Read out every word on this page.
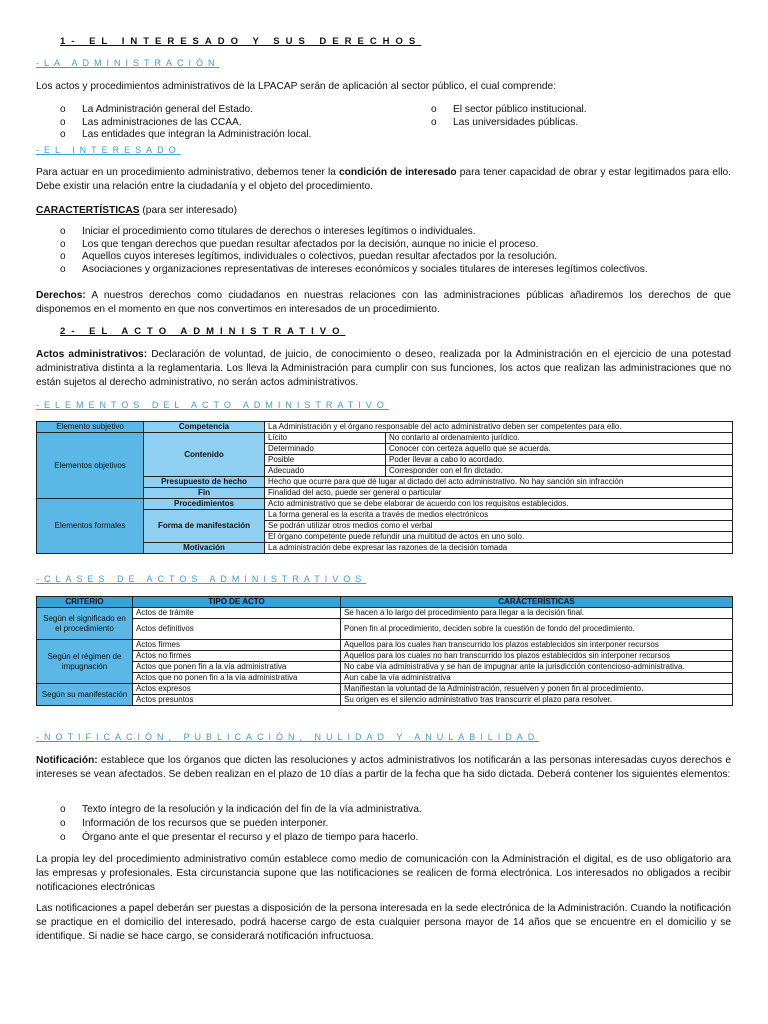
1- EL INTERESADO Y SUS DERECHOS
-LA ADMINISTRACIÓN

Los actos y procedimientos administrativos de la LPACAP serán de aplicación al sector público, el cual comprende:

o La Administración general del Estado.
o Las administraciones de las CCAA.
o Las entidades que integran la Administración local.
o El sector público institucional.
o Las universidades públicas.
-EL INTERESADO

Para actuar en un procedimiento administrativo, debemos tener la condición de interesado para tener capacidad de obrar y estar legitimados para ello. Debe existir una relación entre la ciudadanía y el objeto del procedimiento.

CARACTERTÍSTICAS (para ser interesado)

o Iniciar el procedimiento como titulares de derechos o intereses legítimos o individuales.
o Los que tengan derechos que puedan resultar afectados por la decisión, aunque no inicie el proceso.
o Aquellos cuyos intereses legítimos, individuales o colectivos, puedan resultar afectados por la resolución.
o Asociaciones y organizaciones representativas de intereses económicos y sociales titulares de intereses legítimos colectivos.

Derechos: A nuestros derechos como ciudadanos en nuestras relaciones con las administraciones públicas añadiremos los derechos de que disponemos en el momento en que nos convertimos en interesados de un procedimiento.

2- EL ACTO ADMINISTRATIVO

Actos administrativos: Declaración de voluntad, de juicio, de conocimiento o deseo, realizada por la Administración en el ejercicio de una potestad administrativa distinta a la reglamentaria. Los lleva la Administración para cumplir con sus funciones, los actos que realizan las administraciones que no están sujetos al derecho administrativo, no serán actos administrativos.

-ELEMENTOS DEL ACTO ADMINISTRATIVO
Elemento subjetivo	Competencia	La Administración y el órgano responsable del acto administrativo deben ser competentes para ello.	
Elementos objetivos	Contenido	Lícito	No contario al ordenamiento jurídico.
		Determinado	Conocer con certeza aquello que se acuerda.
		Posible	Poder llevar a cabo lo acordado.
		Adecuado	Corresponder con el fin dictado.
	Presupuesto de hecho	Hecho que ocurre para que dé lugar al dictado del acto administrativo. No hay sanción sin infracción	
	Fin	Finalidad del acto, puede ser general o particular	
Elementos formales	Procedimientos	Acto administrativo que se debe elaborar de acuerdo con los requisitos establecidos.	
	Forma de manifestación	La forma general es la escrita a través de medios electrónicos	
		Se podrán utilizar otros medios como el verbal	
		El órgano competente puede refundir una multitud de actos en uno solo.	
	Motivación	La administración debe expresar las razones de la decisión tomada	
-CLASES DE ACTOS ADMINISTRATIVOS
CRITERIO	TIPO DE ACTO	CARÁCTERÍSTICAS
Según el significado en el procedimiento	Actos de trámite	Se hacen a lo largo del procedimiento para llegar a la decisión final.
	Actos definitivos	Ponen fin al procedimiento, deciden sobre la cuestión de fondo del procedimiento.
Según el régimen de impugnación	Actos firmes	Aquellos para los cuales han transcurrido los plazos establecidos sin interponer recursos
	Actos no firmes	Aquellos para los cuales no han transcurrido los plazos establecidos sin interponer recursos
	Actos que ponen fin a la vía administrativa	No cabe vía administrativa y se han de impugnar ante la jurisdicción contencioso-administrativa.
	Actos que no ponen fin a la vía administrativa	Aun cabe la vía administrativa
Según su manifestación	Actos expresos	Manifiestan la voluntad de la Administración, resuelven y ponen fin al procedimiento.
	Actos presuntos	Su origen es el silencio administrativo tras transcurrir el plazo para resolver.
-NOTIFICACIÓN, PUBLICACIÓN, NULIDAD Y ANULABILIDAD

Notificación: establece que los órganos que dicten las resoluciones y actos administrativos los notificarán a las personas interesadas cuyos derechos e intereses se vean afectados. Se deben realizan en el plazo de 10 días a partir de la fecha que ha sido dictada. Deberá contener los siguientes elementos:

o Texto íntegro de la resolución y la indicación del fin de la vía administrativa.
o Información de los recursos que se pueden interponer.
o Órgano ante el que presentar el recurso y el plazo de tiempo para hacerlo.

La propia ley del procedimiento administrativo común establece como medio de comunicación con la Administración el digital, es de uso obligatorio ara las empresas y profesionales. Esta circunstancia supone que las notificaciones se realicen de forma electrónica. Los interesados no obligados a recibir notificaciones electrónicas

Las notificaciones a papel deberán ser puestas a disposición de la persona interesada en la sede electrónica de la Administración. Cuando la notificación se practique en el domicilio del interesado, podrá hacerse cargo de esta cualquier persona mayor de 14 años que se encuentre en el domicilio y se identifique. Si nadie se hace cargo, se considerará notificación infructuosa.
